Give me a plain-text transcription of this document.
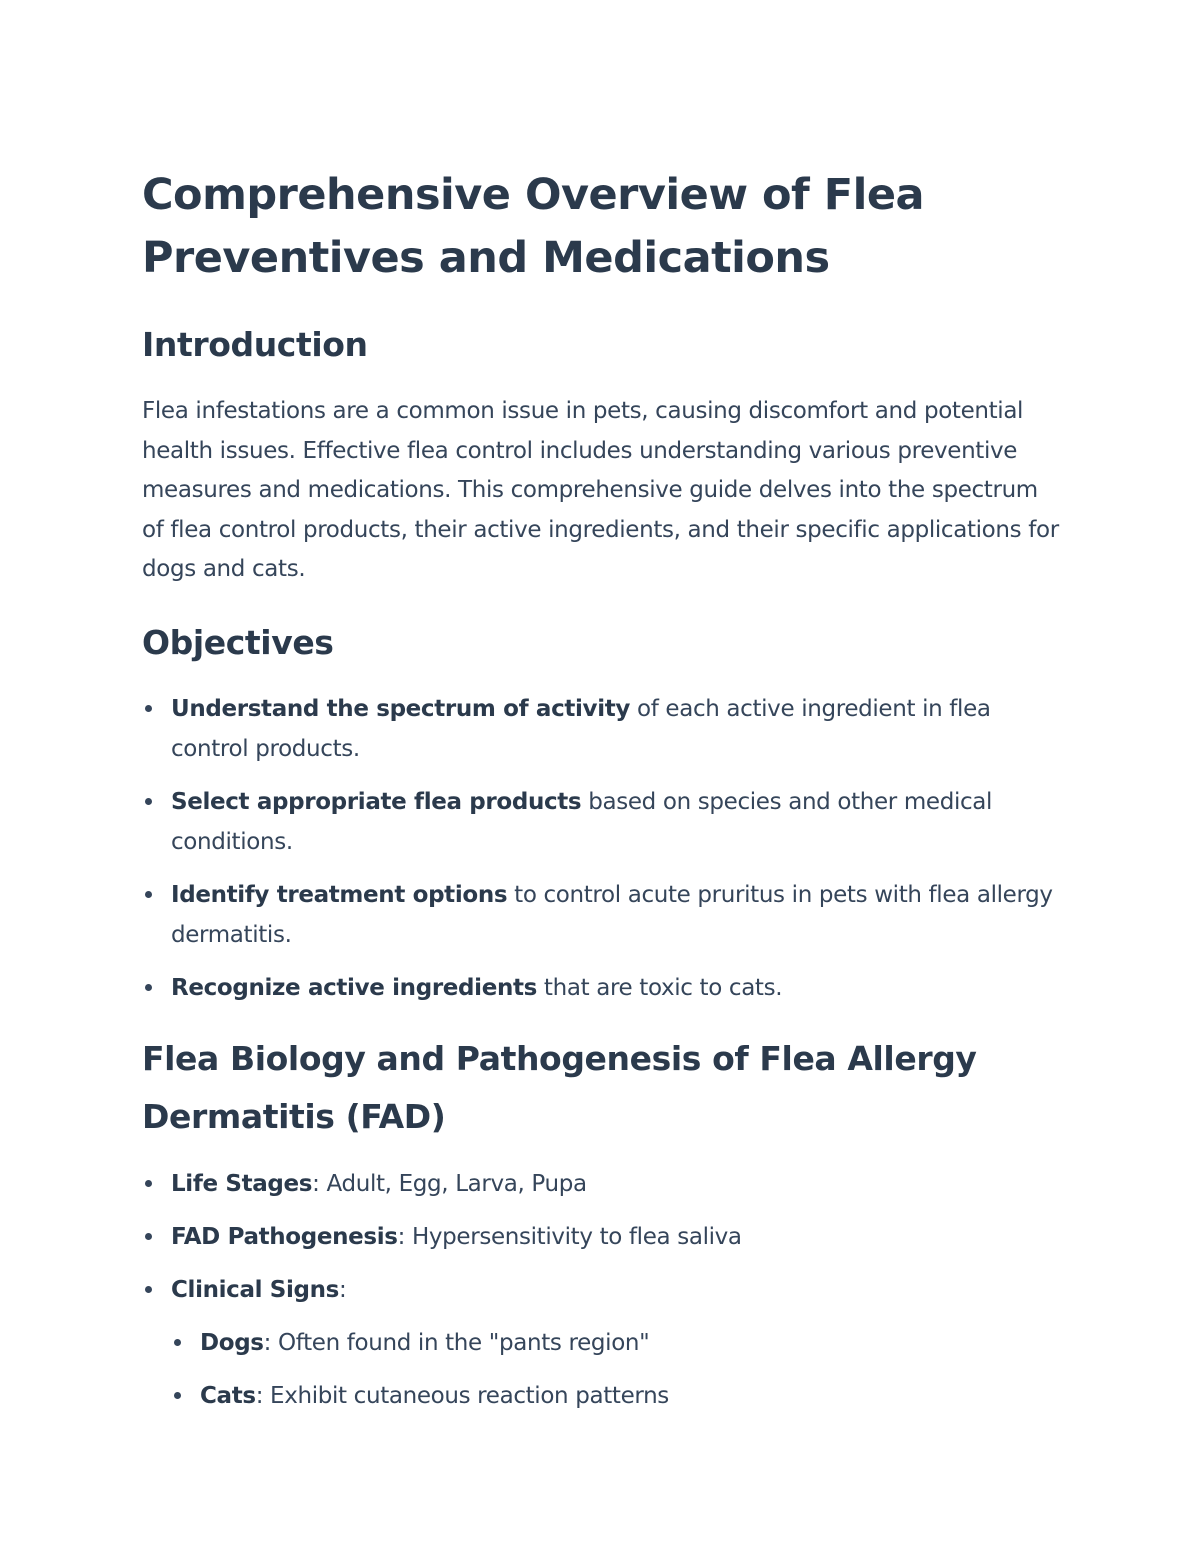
Comprehensive Overview of Flea Preventives and Medications
Introduction

Flea infestations are a common issue in pets, causing discomfort and potential health issues. Effective flea control includes understanding various preventive measures and medications. This comprehensive guide delves into the spectrum of flea control products, their active ingredients, and their specific applications for dogs and cats.

Objectives
Understand the spectrum of activity of each active ingredient in flea control products.
Select appropriate flea products based on species and other medical conditions.
Identify treatment options to control acute pruritus in pets with flea allergy dermatitis.
Recognize active ingredients that are toxic to cats.
Flea Biology and Pathogenesis of Flea Allergy Dermatitis (FAD)
Life Stages: Adult, Egg, Larva, Pupa
FAD Pathogenesis: Hypersensitivity to flea saliva
Clinical Signs:
Dogs: Often found in the "pants region"
Cats: Exhibit cutaneous reaction patterns
